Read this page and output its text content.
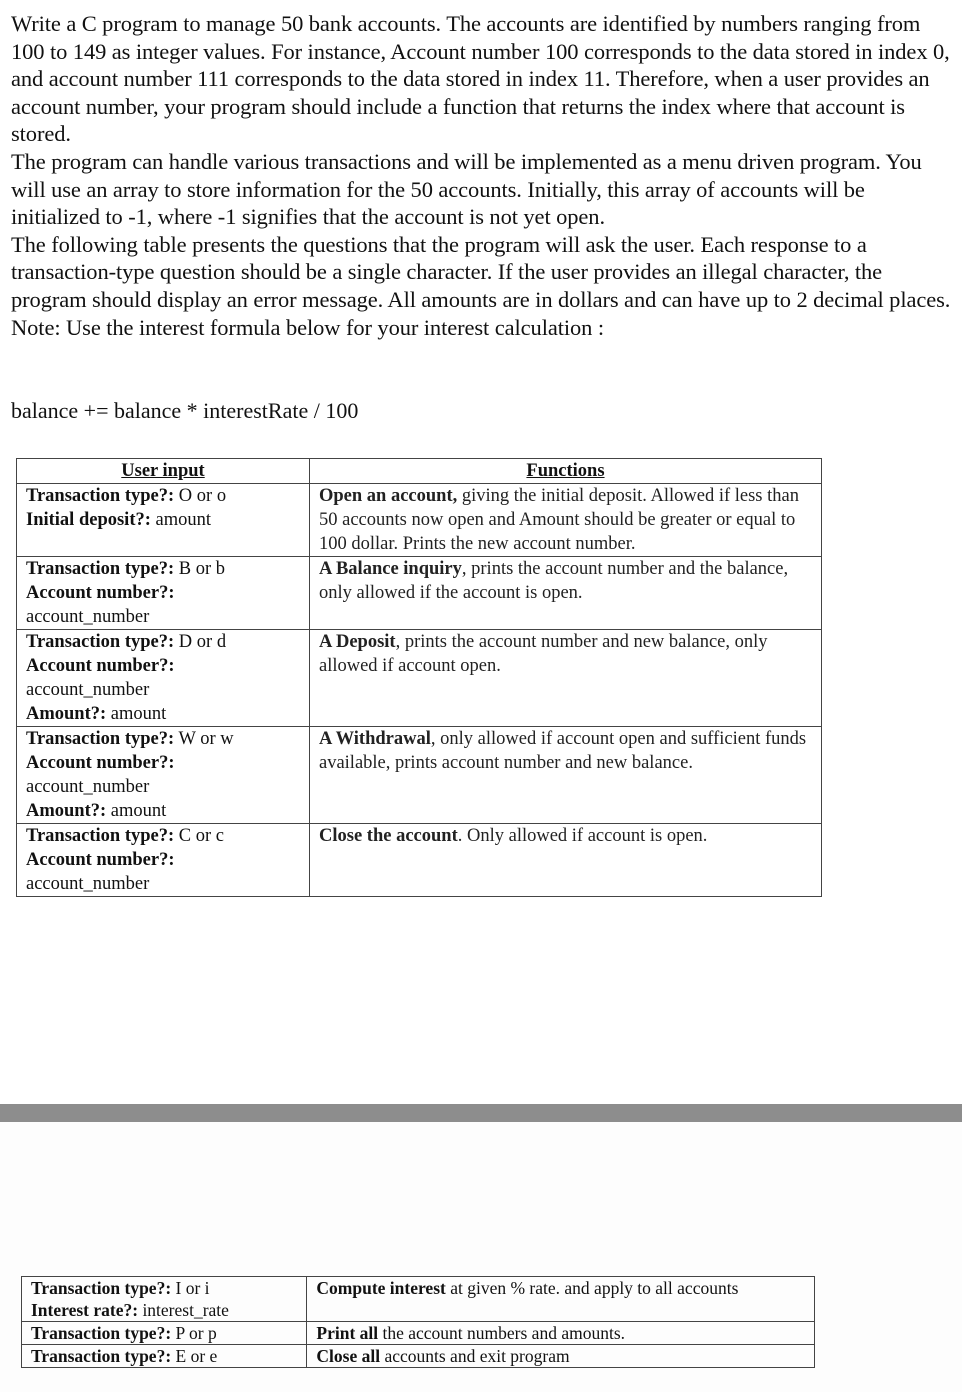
Write a C program to manage 50 bank accounts. The accounts are identified by numbers ranging from 100 to 149 as integer values. For instance, Account number 100 corresponds to the data stored in index 0, and account number 111 corresponds to the data stored in index 11. Therefore, when a user provides an account number, your program should include a function that returns the index where that account is stored.

The program can handle various transactions and will be implemented as a menu driven program. You will use an array to store information for the 50 accounts. Initially, this array of accounts will be initialized to -1, where -1 signifies that the account is not yet open.

The following table presents the questions that the program will ask the user. Each response to a transaction-type question should be a single character. If the user provides an illegal character, the program should display an error message. All amounts are in dollars and can have up to 2 decimal places. Note: Use the interest formula below for your interest calculation :

balance += balance * interestRate / 100
User input	Functions

Transaction type?: O or o
Initial deposit?: amount	Open an account, giving the initial deposit. Allowed if less than 50 accounts now open and Amount should be greater or equal to 100 dollar. Prints the new account number.

Transaction type?: B or b
Account number?: account_number	A Balance inquiry, prints the account number and the balance, only allowed if the account is open.

Transaction type?: D or d
Account number?: account_number
Amount?: amount	A Deposit, prints the account number and new balance, only allowed if account open.

Transaction type?: W or w
Account number?: account_number
Amount?: amount	A Withdrawal, only allowed if account open and sufficient funds available, prints account number and new balance.

Transaction type?: C or c
Account number?: account_number	Close the account. Only allowed if account is open.
Transaction type?: I or i
Interest rate?: interest_rate	Compute interest at given % rate. and apply to all accounts

Transaction type?: P or p	Print all the account numbers and amounts.

Transaction type?: E or e	Close all accounts and exit program
